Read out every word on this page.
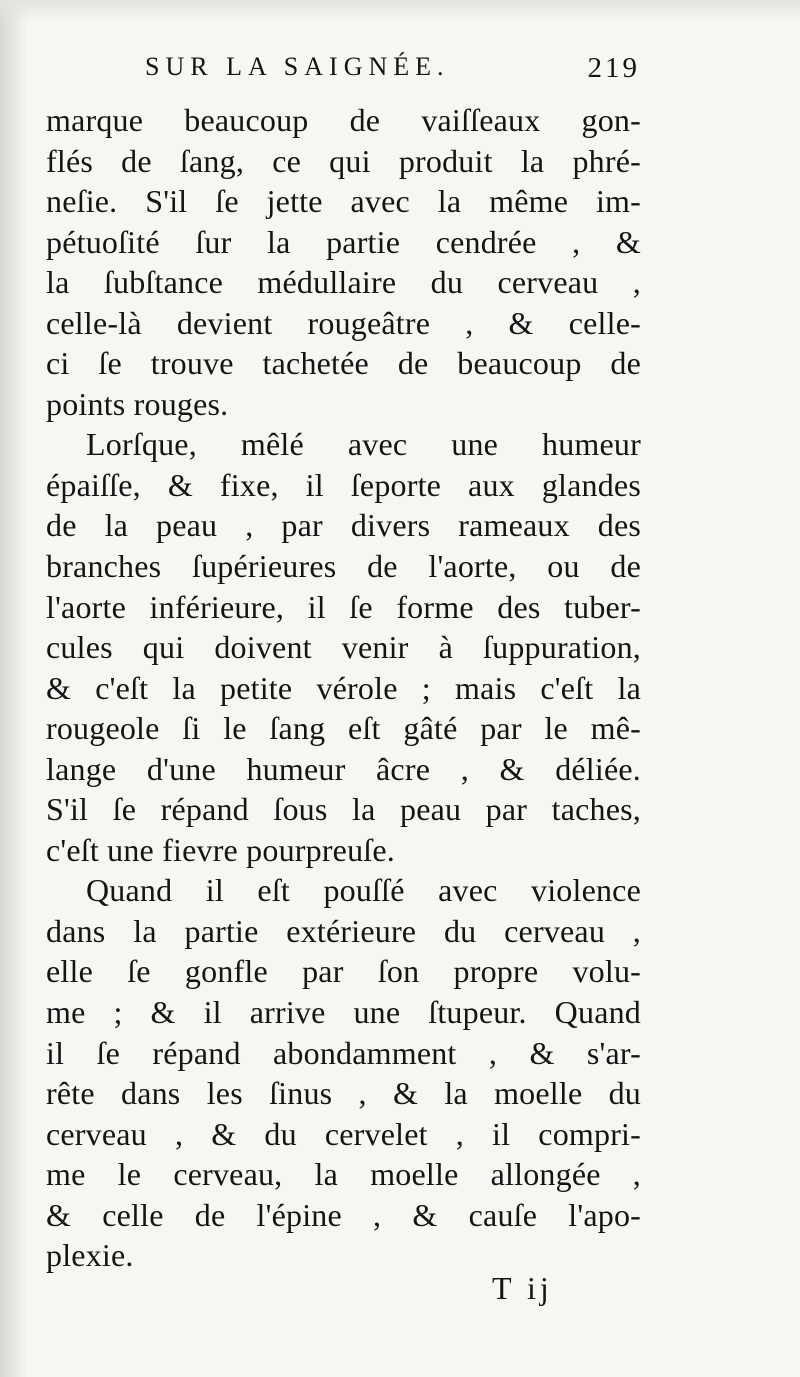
SUR LA SAIGNÉE.	219
marque beaucoup de vaiſſeaux gon-
flés de ſang, ce qui produit la phré-
neſie. S'il ſe jette avec la même im-
pétuoſité ſur la partie cendrée , &
la ſubſtance médullaire du cerveau ,
celle-là devient rougeâtre , & celle-
ci ſe trouve tachetée de beaucoup de
points rouges.
Lorſque, mêlé avec une humeur
épaiſſe, & fixe, il ſeporte aux glandes
de la peau , par divers rameaux des
branches ſupérieures de l'aorte, ou de
l'aorte inférieure, il ſe forme des tuber-
cules qui doivent venir à ſuppuration,
& c'eſt la petite vérole ; mais c'eſt la
rougeole ſi le ſang eſt gâté par le mê-
lange d'une humeur âcre , & déliée.
S'il ſe répand ſous la peau par taches,
c'eſt une fievre pourpreuſe.
Quand il eſt pouſſé avec violence
dans la partie extérieure du cerveau ,
elle ſe gonfle par ſon propre volu-
me ; & il arrive une ſtupeur. Quand
il ſe répand abondamment , & s'ar-
rête dans les ſinus , & la moelle du
cerveau , & du cervelet , il compri-
me le cerveau, la moelle allongée ,
& celle de l'épine , & cauſe l'apo-
plexie.
T ij
